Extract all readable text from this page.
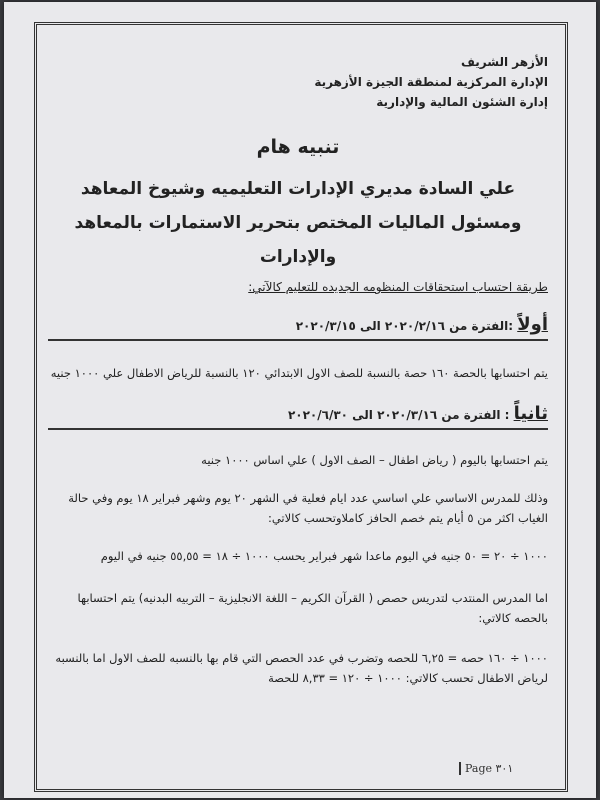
الأزهر الشريف
الإدارة المركزية لمنطقة الجيزة الأزهرية
إدارة الشئون المالية والإدارية
تنبيه هام
علي السادة مديري الإدارات التعليميه وشيوخ المعاهد
ومسئول الماليات المختص بتحرير الاستمارات بالمعاهد والإدارات
طريقة احتساب استحقاقات المنظومه الجديده للتعليم كالآتي:
أولاً :الفترة من ٢٠٢٠/٢/١٦ الى ٢٠٢٠/٣/١٥

يتم احتسابها بالحصة ١٦٠ حصة بالنسبة للصف الاول الابتدائي ١٢٠ بالنسبة للرياض الاطفال علي ١٠٠٠ جنيه

ثانياً : الفترة من ٢٠٢٠/٣/١٦ الى ٢٠٢٠/٦/٣٠

يتم احتسابها باليوم ( رياض اطفال – الصف الاول ) علي اساس ١٠٠٠ جنيه

وذلك للمدرس الاساسي علي اساسي عدد ايام فعلية في الشهر ٢٠ يوم وشهر فبراير ١٨ يوم وفي حالة الغياب اكثر من ٥ أيام يتم خصم الحافز كاملاوتحسب كالاتي:

١٠٠٠ ÷ ٢٠ = ٥٠ جنيه في اليوم ماعدا شهر فبراير يحسب ١٠٠٠ ÷ ١٨ = ٥٥,٥٥ جنيه في اليوم

اما المدرس المنتدب لتدريس حصص ( القرآن الكريم – اللغة الانجليزية – التربيه البدنيه) يتم احتسابها بالحصه كالاتي:

١٠٠٠ ÷ ١٦٠ حصه = ٦,٢٥ للحصه وتضرب في عدد الحصص التي قام بها بالنسبه للصف الاول اما بالنسبه لرياض الاطفال تحسب كالاتي: ١٠٠٠ ÷ ١٢٠ = ٨,٣٣ للحصة

Page ٣٠١
